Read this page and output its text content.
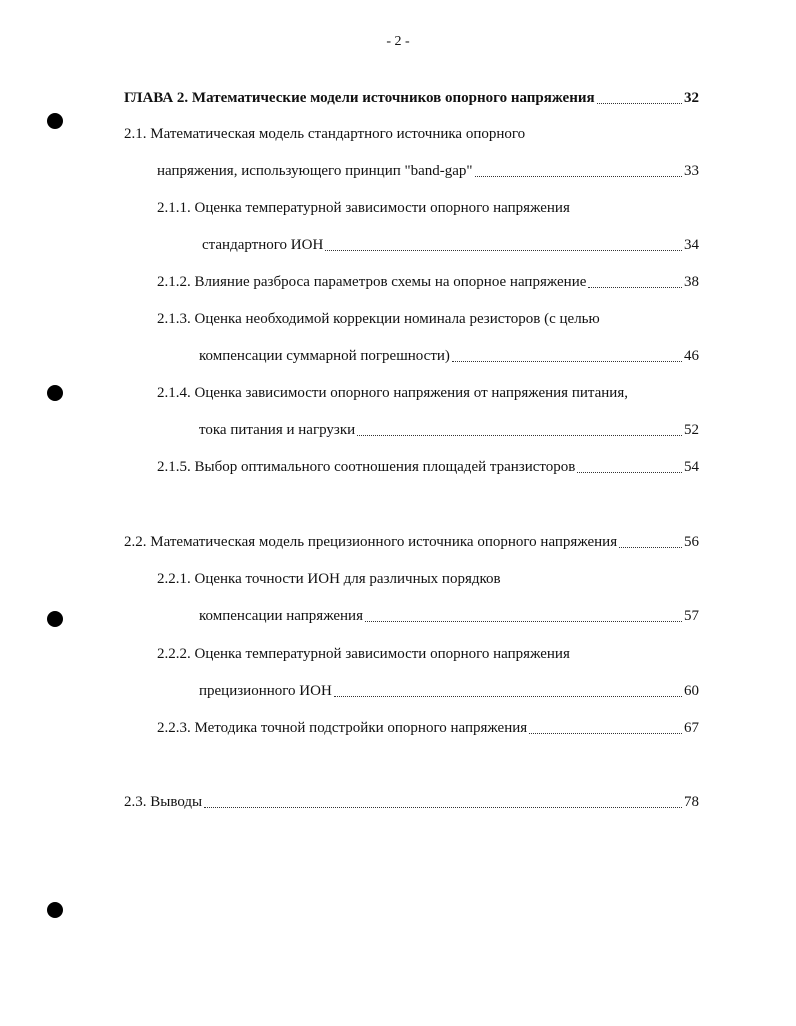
- 2 -
ГЛАВА 2. Математические модели источников опорного напряжения	32
2.1. Математическая модель стандартного источника опорного
напряжения, использующего принцип "band-gap"	33
2.1.1. Оценка температурной зависимости опорного напряжения
стандартного ИОН	34
2.1.2. Влияние разброса параметров схемы на опорное напряжение	38
2.1.3. Оценка необходимой коррекции номинала резисторов (с целью
компенсации суммарной погрешности)	46
2.1.4. Оценка зависимости опорного напряжения от напряжения питания,
тока питания и нагрузки	52
2.1.5. Выбор оптимального соотношения площадей транзисторов	54
2.2. Математическая модель прецизионного источника опорного напряжения	56
2.2.1. Оценка точности ИОН для различных порядков
компенсации напряжения	57
2.2.2. Оценка температурной зависимости опорного напряжения
прецизионного ИОН	60
2.2.3. Методика точной подстройки опорного напряжения	67
2.3. Выводы	78
